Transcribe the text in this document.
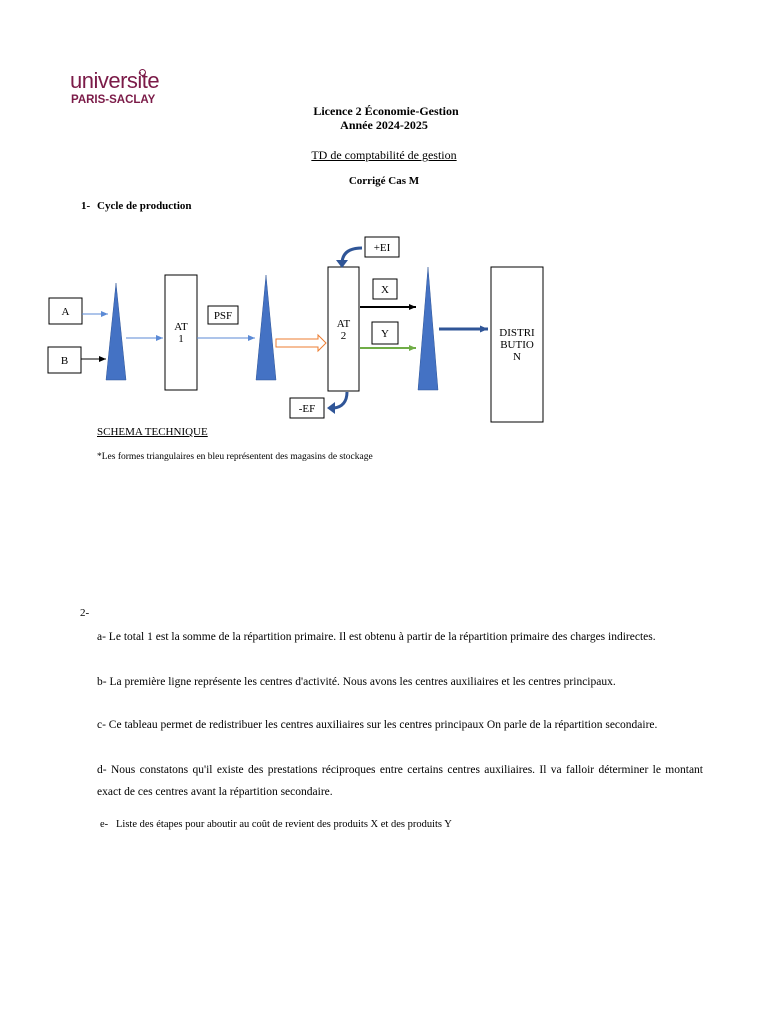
universite
PARIS-SACLAY
Licence 2 Économie-Gestion
Année 2024-2025
TD de comptabilité de gestion
Corrigé Cas M
1- Cycle de production
A
B
AT
1
PSF
AT
2
+EI
-EF
X
Y	DISTRI
BUTIO
N
SCHEMA TECHNIQUE
*Les formes triangulaires en bleu représentent des magasins de stockage
2-
a- Le total 1 est la somme de la répartition primaire. Il est obtenu à partir de la répartition primaire des charges indirectes.
b- La première ligne représente les centres d'activité. Nous avons les centres auxiliaires et les centres principaux.
c- Ce tableau permet de redistribuer les centres auxiliaires sur les centres principaux On parle de la répartition secondaire.
d- Nous constatons qu'il existe des prestations réciproques entre certains centres auxiliaires. Il va falloir déterminer le montant exact de ces centres avant la répartition secondaire.
e- Liste des étapes pour aboutir au coût de revient des produits X et des produits Y
